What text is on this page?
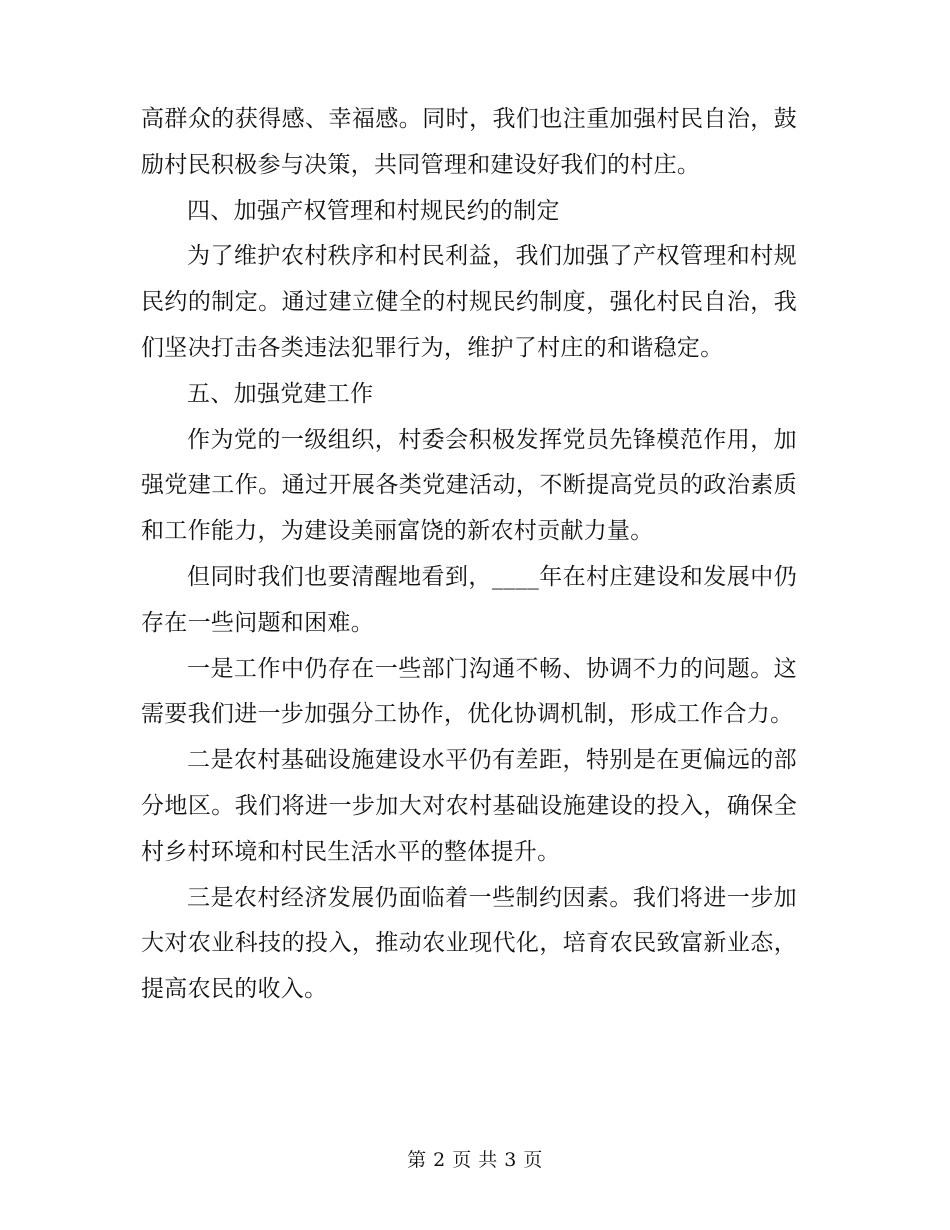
高群众的获得感、幸福感。同时，我们也注重加强村民自治，鼓励村民积极参与决策，共同管理和建设好我们的村庄。

四、加强产权管理和村规民约的制定

为了维护农村秩序和村民利益，我们加强了产权管理和村规民约的制定。通过建立健全的村规民约制度，强化村民自治，我们坚决打击各类违法犯罪行为，维护了村庄的和谐稳定。

五、加强党建工作

作为党的一级组织，村委会积极发挥党员先锋模范作用，加强党建工作。通过开展各类党建活动，不断提高党员的政治素质和工作能力，为建设美丽富饶的新农村贡献力量。

但同时我们也要清醒地看到，____年在村庄建设和发展中仍存在一些问题和困难。

一是工作中仍存在一些部门沟通不畅、协调不力的问题。这需要我们进一步加强分工协作，优化协调机制，形成工作合力。

二是农村基础设施建设水平仍有差距，特别是在更偏远的部分地区。我们将进一步加大对农村基础设施建设的投入，确保全村乡村环境和村民生活水平的整体提升。

三是农村经济发展仍面临着一些制约因素。我们将进一步加大对农业科技的投入，推动农业现代化，培育农民致富新业态，提高农民的收入。

第 2 页 共 3 页
